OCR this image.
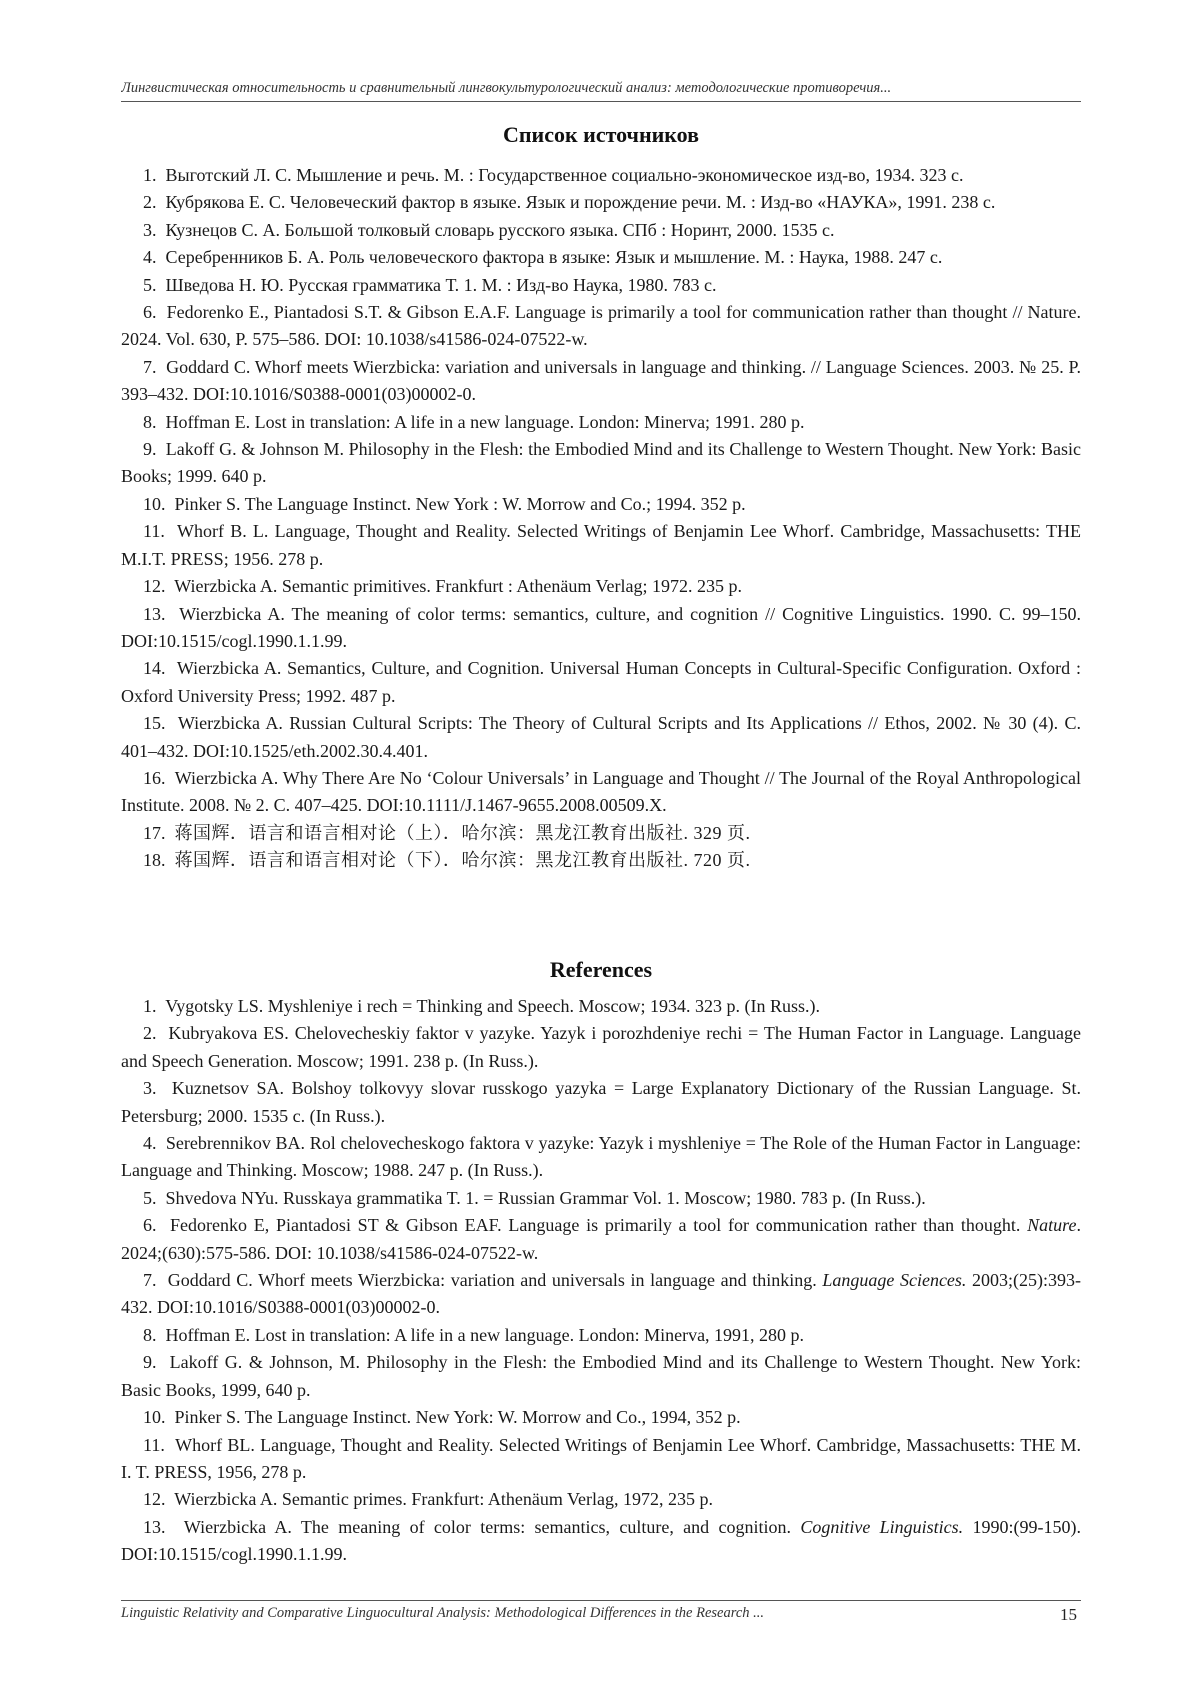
Лингвистическая относительность и сравнительный лингвокультурологический анализ: методологические противоречия...
Список источников
1. Выготский Л. С. Мышление и речь. М. : Государственное социально-экономическое изд-во, 1934. 323 с.
2. Кубрякова Е. С. Человеческий фактор в языке. Язык и порождение речи. М. : Изд-во «НАУКА», 1991. 238 с.
3. Кузнецов С. А. Большой толковый словарь русского языка. СПб : Норинт, 2000. 1535 с.
4. Серебренников Б. А. Роль человеческого фактора в языке: Язык и мышление. М. : Наука, 1988. 247 с.
5. Шведова Н. Ю. Русская грамматика Т. 1. М. : Изд-во Наука, 1980. 783 с.
6. Fedorenko E., Piantadosi S.T. & Gibson E.A.F. Language is primarily a tool for communication rather than thought // Nature. 2024. Vol. 630, P. 575–586. DOI: 10.1038/s41586-024-07522-w.
7. Goddard C. Whorf meets Wierzbicka: variation and universals in language and thinking. // Language Sciences. 2003. № 25. P. 393–432. DOI:10.1016/S0388-0001(03)00002-0.
8. Hoffman E. Lost in translation: A life in a new language. London: Minerva; 1991. 280 p.
9. Lakoff G. & Johnson M. Philosophy in the Flesh: the Embodied Mind and its Challenge to Western Thought. New York: Basic Books; 1999. 640 p.
10. Pinker S. The Language Instinct. New York : W. Morrow and Co.; 1994. 352 p.
11. Whorf B. L. Language, Thought and Reality. Selected Writings of Benjamin Lee Whorf. Cambridge, Massachusetts: THE M.I.T. PRESS; 1956. 278 p.
12. Wierzbicka A. Semantic primitives. Frankfurt : Athenäum Verlag; 1972. 235 p.
13. Wierzbicka A. The meaning of color terms: semantics, culture, and cognition // Cognitive Linguistics. 1990. C. 99–150. DOI:10.1515/cogl.1990.1.1.99.
14. Wierzbicka A. Semantics, Culture, and Cognition. Universal Human Concepts in Cultural-Specific Configuration. Oxford : Oxford University Press; 1992. 487 p.
15. Wierzbicka A. Russian Cultural Scripts: The Theory of Cultural Scripts and Its Applications // Ethos, 2002. № 30 (4). C. 401–432. DOI:10.1525/eth.2002.30.4.401.
16. Wierzbicka A. Why There Are No ‘Colour Universals’ in Language and Thought // The Journal of the Royal Anthropological Institute. 2008. № 2. C. 407–425. DOI:10.1111/J.1467-9655.2008.00509.X.
17. 蒋国辉．语言和语言相对论（上）．哈尔滨：黑龙江教育出版社. 329 页.
18. 蒋国辉．语言和语言相对论（下）．哈尔滨：黑龙江教育出版社. 720 页.
References
1. Vygotsky LS. Myshleniye i rech = Thinking and Speech. Moscow; 1934. 323 p. (In Russ.).
2. Kubryakova ES. Chelovecheskiy faktor v yazyke. Yazyk i porozhdeniye rechi = The Human Factor in Language. Language and Speech Generation. Moscow; 1991. 238 p. (In Russ.).
3. Kuznetsov SA. Bolshoy tolkovyy slovar russkogo yazyka = Large Explanatory Dictionary of the Russian Language. St. Petersburg; 2000. 1535 c. (In Russ.).
4. Serebrennikov BA. Rol chelovecheskogo faktora v yazyke: Yazyk i myshleniye = The Role of the Human Factor in Language: Language and Thinking. Moscow; 1988. 247 p. (In Russ.).
5. Shvedova NYu. Russkaya grammatika T. 1. = Russian Grammar Vol. 1. Moscow; 1980. 783 p. (In Russ.).
6. Fedorenko E, Piantadosi ST & Gibson EAF. Language is primarily a tool for communication rather than thought. Nature. 2024;(630):575-586. DOI: 10.1038/s41586-024-07522-w.
7. Goddard C. Whorf meets Wierzbicka: variation and universals in language and thinking. Language Sciences. 2003;(25):393-432. DOI:10.1016/S0388-0001(03)00002-0.
8. Hoffman E. Lost in translation: A life in a new language. London: Minerva, 1991, 280 p.
9. Lakoff G. & Johnson, M. Philosophy in the Flesh: the Embodied Mind and its Challenge to Western Thought. New York: Basic Books, 1999, 640 p.
10. Pinker S. The Language Instinct. New York: W. Morrow and Co., 1994, 352 p.
11. Whorf BL. Language, Thought and Reality. Selected Writings of Benjamin Lee Whorf. Cambridge, Massachusetts: THE M. I. T. PRESS, 1956, 278 p.
12. Wierzbicka A. Semantic primes. Frankfurt: Athenäum Verlag, 1972, 235 p.
13. Wierzbicka A. The meaning of color terms: semantics, culture, and cognition. Cognitive Linguistics. 1990:(99-150). DOI:10.1515/cogl.1990.1.1.99.
Linguistic Relativity and Comparative Linguocultural Analysis: Methodological Differences in the Research ...	15
